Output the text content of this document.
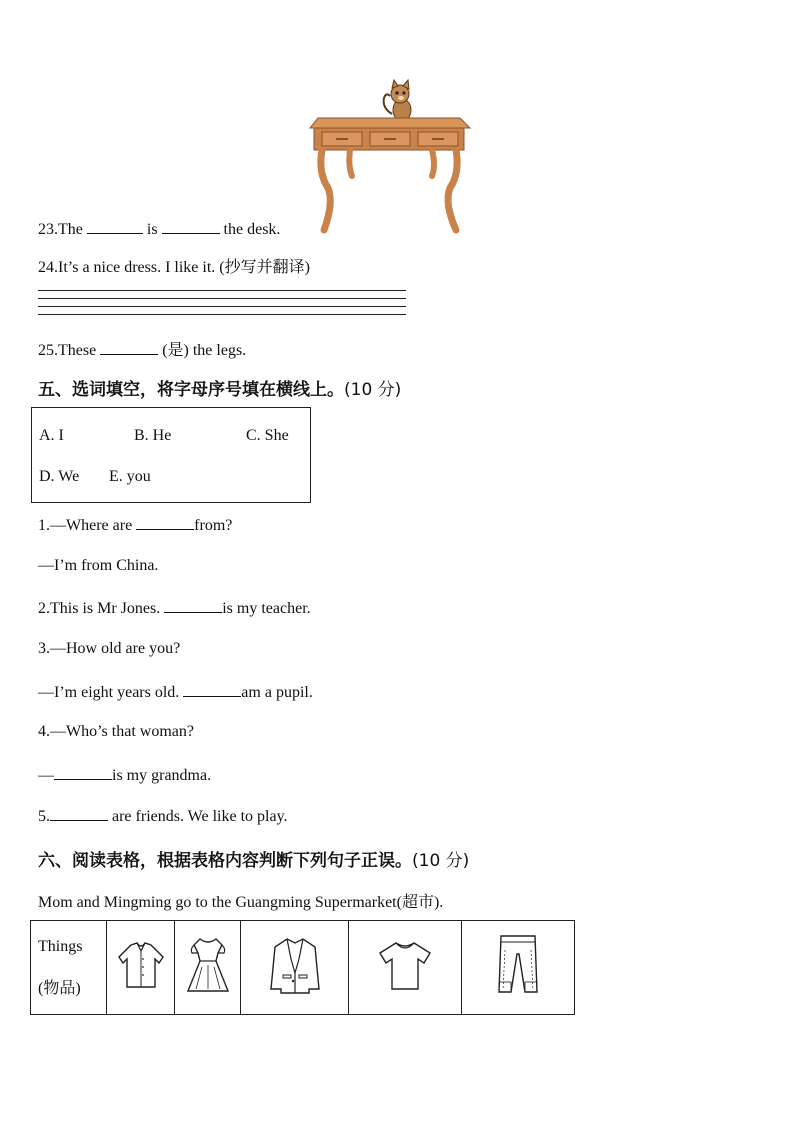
23.The	is	the desk.
24.It’s a nice dress. I like it. (抄写并翻译)
25.These	(是) the legs.
五、选词填空，将字母序号填在横线上。(10 分)
A. I	B. He	C. She
D. We E. you
1.—Where are	from?
—I’m from China.
2.This is Mr Jones.	is my teacher.
3.—How old are you?
—I’m eight years old.	am a pupil.
4.—Who’s that woman?
—	is my grandma.
5.	are friends. We like to play.
六、阅读表格，根据表格内容判断下列句子正误。(10 分)
Mom and Mingming go to the Guangming Supermarket(超市).
Things
(物品)
